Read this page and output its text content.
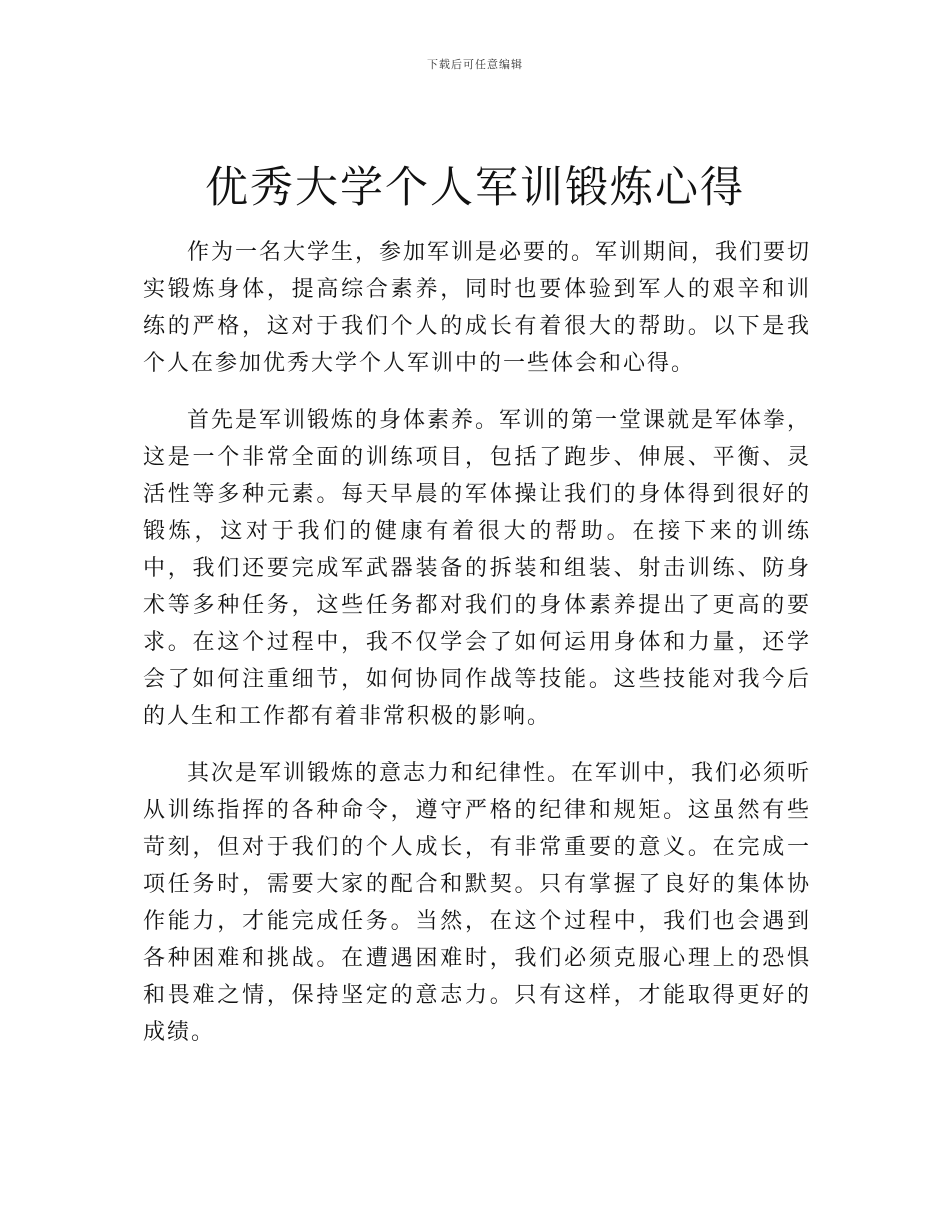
下载后可任意编辑
优秀大学个人军训锻炼心得

作为一名大学生，参加军训是必要的。军训期间，我们要切实锻炼身体，提高综合素养，同时也要体验到军人的艰辛和训练的严格，这对于我们个人的成长有着很大的帮助。以下是我个人在参加优秀大学个人军训中的一些体会和心得。

首先是军训锻炼的身体素养。军训的第一堂课就是军体拳，这是一个非常全面的训练项目，包括了跑步、伸展、平衡、灵活性等多种元素。每天早晨的军体操让我们的身体得到很好的锻炼，这对于我们的健康有着很大的帮助。在接下来的训练中，我们还要完成军武器装备的拆装和组装、射击训练、防身术等多种任务，这些任务都对我们的身体素养提出了更高的要求。在这个过程中，我不仅学会了如何运用身体和力量，还学会了如何注重细节，如何协同作战等技能。这些技能对我今后的人生和工作都有着非常积极的影响。

其次是军训锻炼的意志力和纪律性。在军训中，我们必须听从训练指挥的各种命令，遵守严格的纪律和规矩。这虽然有些苛刻，但对于我们的个人成长，有非常重要的意义。在完成一项任务时，需要大家的配合和默契。只有掌握了良好的集体协作能力，才能完成任务。当然，在这个过程中，我们也会遇到各种困难和挑战。在遭遇困难时，我们必须克服心理上的恐惧和畏难之情，保持坚定的意志力。只有这样，才能取得更好的成绩。
